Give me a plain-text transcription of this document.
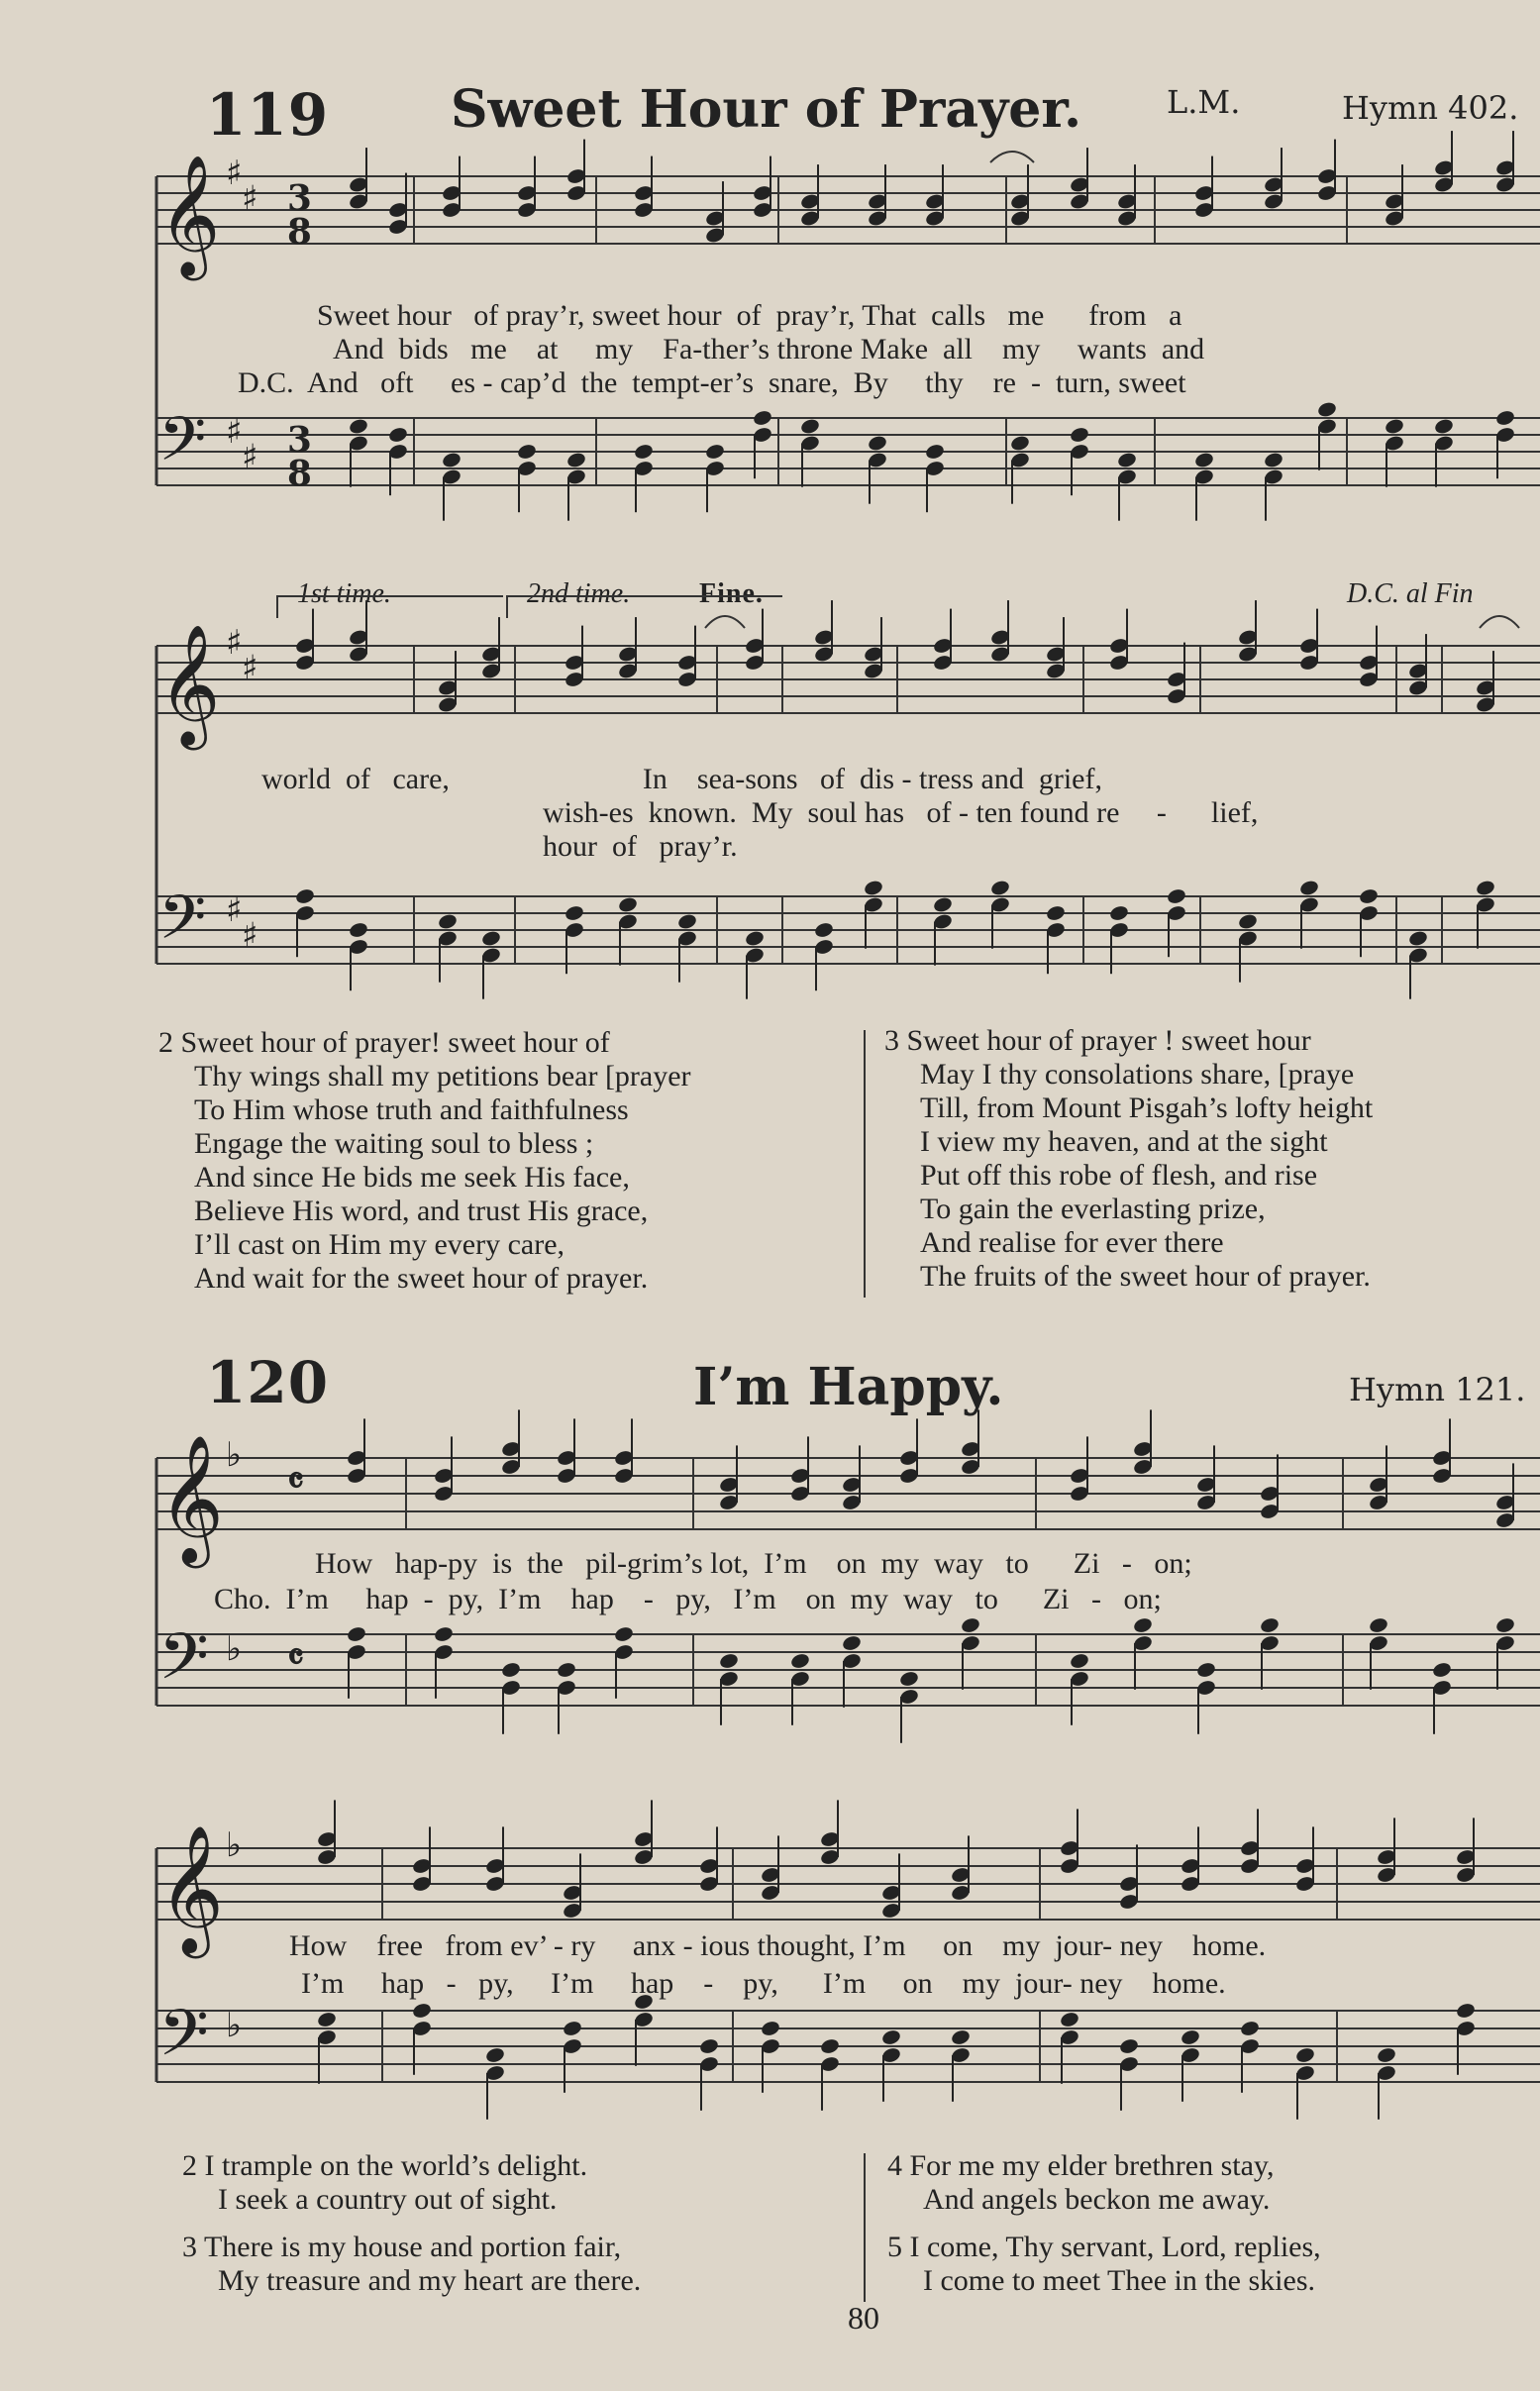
119 Sweet Hour of Prayer.	L.M.	Hymn 402.
𝄞
𝄢
♯
♯
♯
♯
3
3
8
8
Sweet hour   of pray’r, sweet hour  of  pray’r, That  calls   me      from   a
And  bids   me    at     my    Fa-ther’s throne Make  all    my     wants  and
D.C.  And   oft     es - cap’d  the  tempt-er’s  snare,  By     thy    re  -  turn, sweet
1st time.	2nd time. Fine.	D.C. al Fin
𝄞
𝄢
♯
♯
♯
♯
world  of   care,                          In    sea-sons   of  dis - tress and  grief,
wish-es  known.  My  soul has   of - ten found re     -      lief,
hour  of   pray’r.
2 Sweet hour of prayer! sweet hour of
Thy wings shall my petitions bear [prayer
To Him whose truth and faithfulness
Engage the waiting soul to bless ;
And since He bids me seek His face,
Believe His word, and trust His grace,
I’ll cast on Him my every care,
And wait for the sweet hour of prayer.
3 Sweet hour of prayer ! sweet hour
May I thy consolations share, [praye
Till, from Mount Pisgah’s lofty height
I view my heaven, and at the sight
Put off this robe of flesh, and rise
To gain the everlasting prize,
And realise for ever there
The fruits of the sweet hour of prayer.
120	I’m Happy.	Hymn 121.
𝄞
𝄢
♭
♭
𝄴
𝄴
How   hap-py  is  the   pil-grim’s lot,  I’m    on  my  way   to      Zi   -   on;
Cho.  I’m     hap  -  py,  I’m    hap    -   py,   I’m    on  my  way   to      Zi   -   on;
𝄞
𝄢
♭
♭
How    free   from ev’ - ry     anx - ious thought, I’m     on    my  jour- ney    home.
I’m     hap   -   py,     I’m     hap    -    py,      I’m     on    my  jour- ney    home.
2 I trample on the world’s delight.
I seek a country out of sight.
3 There is my house and portion fair,
My treasure and my heart are there.
4 For me my elder brethren stay,
And angels beckon me away.
5 I come, Thy servant, Lord, replies,
I come to meet Thee in the skies.
80
